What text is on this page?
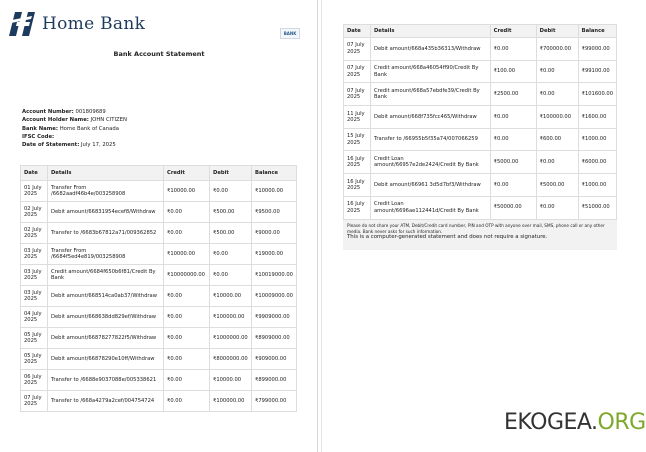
Home Bank	BANK
Bank Account Statement
Account Number: 001809689
Account Holder Name: JOHN CITIZEN
Bank Name: Home Bank of Canada
IFSC Code:
Date of Statement: July 17, 2025
Date	Details	Credit	Debit	Balance
01 July 2025	Transfer From /6682aadf46b4e/003258908	₹10000.00	₹0.00	₹10000.00
02 July 2025	Debit amount/66831954ecef8/Withdraw	₹0.00	₹500.00	₹9500.00
02 July 2025	Transfer to /6683b67812a71/009362852	₹0.00	₹500.00	₹9000.00
03 July 2025	Transfer From /6684f5ed4e819/003258908	₹10000.00	₹0.00	₹19000.00
03 July 2025	Credit amount/6684f650b6f81/Credit By Bank	₹10000000.00	₹0.00	₹10019000.00
03 July 2025	Debit amount/668514ca0ab37/Withdraw	₹0.00	₹10000.00	₹10009000.00
04 July 2025	Debit amount/668638dd829ef/Withdraw	₹0.00	₹100000.00	₹9909000.00
05 July 2025	Debit amount/66878277822f5/Withdraw	₹0.00	₹1000000.00	₹8909000.00
05 July 2025	Debit amount/66878290e10ff/Withdraw	₹0.00	₹8000000.00	₹909000.00
06 July 2025	Transfer to /6688e9037088e/005338621	₹0.00	₹10000.00	₹899000.00
07 July 2025	Transfer to /668a4279a2cef/004754724	₹0.00	₹100000.00	₹799000.00
Date	Details	Credit	Debit	Balance
07 July 2025	Debit amount/668a435b36313/Withdraw	₹0.00	₹700000.00	₹99000.00
07 July 2025	Credit amount/668a46054ff90/Credit By Bank	₹100.00	₹0.00	₹99100.00
07 July 2025	Credit amount/668a57ebdfe39/Credit By Bank	₹2500.00	₹0.00	₹101600.00
11 July 2025	Debit amount/668f735fcc465/Withdraw	₹0.00	₹100000.00	₹1600.00
15 July 2025	Transfer to /66955b5f35a74/007066259	₹0.00	₹600.00	₹1000.00
16 July 2025	Credit Loan amount/66957e2de2424/Credit By Bank	₹5000.00	₹0.00	₹6000.00
16 July 2025	Debit amount/66961 3d5d7bf3/Withdraw	₹0.00	₹5000.00	₹1000.00
16 July 2025	Credit Loan amount/6696ae112441d/Credit By Bank	₹50000.00	₹0.00	₹51000.00
Please do not share your ATM, Debit/Credit card number, PIN and OTP with anyone over mail, SMS, phone call or any other media. Bank never asks for such information.
This is a computer-generated statement and does not require a signature.
EKOGEA.ORG
